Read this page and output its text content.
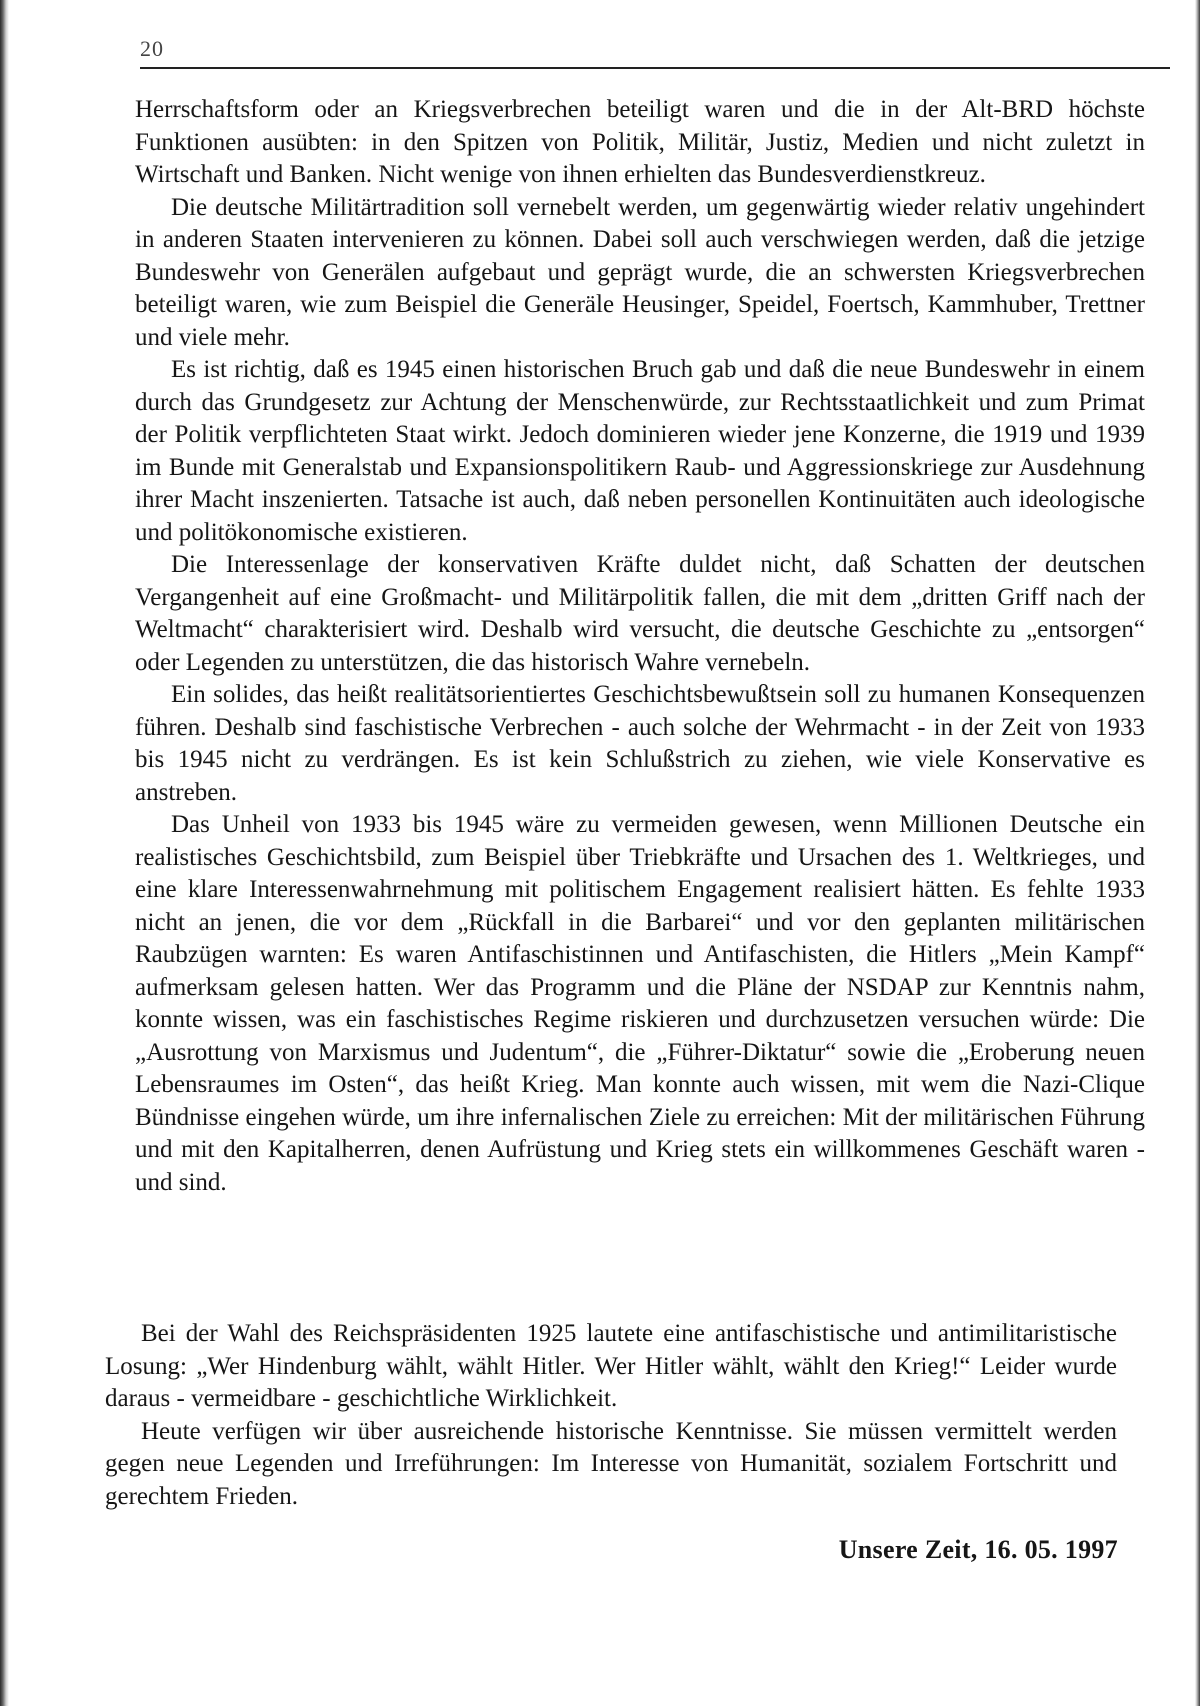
20

Herrschaftsform oder an Kriegsverbrechen beteiligt waren und die in der Alt-BRD höchste Funktionen ausübten: in den Spitzen von Politik, Militär, Justiz, Medien und nicht zuletzt in Wirtschaft und Banken. Nicht wenige von ihnen erhielten das Bundesverdienstkreuz.

Die deutsche Militärtradition soll vernebelt werden, um gegenwärtig wieder relativ ungehindert in anderen Staaten intervenieren zu können. Dabei soll auch verschwiegen werden, daß die jetzige Bundeswehr von Generälen aufgebaut und geprägt wurde, die an schwersten Kriegsverbrechen beteiligt waren, wie zum Beispiel die Generäle Heusinger, Speidel, Foertsch, Kammhuber, Trettner und viele mehr.

Es ist richtig, daß es 1945 einen historischen Bruch gab und daß die neue Bundeswehr in einem durch das Grundgesetz zur Achtung der Menschenwürde, zur Rechtsstaatlichkeit und zum Primat der Politik verpflichteten Staat wirkt. Jedoch dominieren wieder jene Konzerne, die 1919 und 1939 im Bunde mit Generalstab und Expansionspolitikern Raub- und Aggressionskriege zur Ausdehnung ihrer Macht inszenierten. Tatsache ist auch, daß neben personellen Kontinuitäten auch ideologische und politökonomische existieren.

Die Interessenlage der konservativen Kräfte duldet nicht, daß Schatten der deutschen Vergangenheit auf eine Großmacht- und Militärpolitik fallen, die mit dem „dritten Griff nach der Weltmacht“ charakterisiert wird. Deshalb wird versucht, die deutsche Geschichte zu „entsorgen“ oder Legenden zu unterstützen, die das historisch Wahre vernebeln.

Ein solides, das heißt realitätsorientiertes Geschichtsbewußtsein soll zu humanen Konsequenzen führen. Deshalb sind faschistische Verbrechen - auch solche der Wehrmacht - in der Zeit von 1933 bis 1945 nicht zu verdrängen. Es ist kein Schlußstrich zu ziehen, wie viele Konservative es anstreben.

Das Unheil von 1933 bis 1945 wäre zu vermeiden gewesen, wenn Millionen Deutsche ein realistisches Geschichtsbild, zum Beispiel über Triebkräfte und Ursachen des 1. Weltkrieges, und eine klare Interessenwahrnehmung mit politischem Engagement realisiert hätten. Es fehlte 1933 nicht an jenen, die vor dem „Rückfall in die Barbarei“ und vor den geplanten militärischen Raubzügen warnten: Es waren Antifaschistinnen und Antifaschisten, die Hitlers „Mein Kampf“ aufmerksam gelesen hatten. Wer das Programm und die Pläne der NSDAP zur Kenntnis nahm, konnte wissen, was ein faschistisches Regime riskieren und durchzusetzen versuchen würde: Die „Ausrottung von Marxismus und Judentum“, die „Führer-Diktatur“ sowie die „Eroberung neuen Lebensraumes im Osten“, das heißt Krieg. Man konnte auch wissen, mit wem die Nazi-Clique Bündnisse eingehen würde, um ihre infernalischen Ziele zu erreichen: Mit der militärischen Führung und mit den Kapitalherren, denen Aufrüstung und Krieg stets ein willkommenes Geschäft waren - und sind.

Bei der Wahl des Reichspräsidenten 1925 lautete eine antifaschistische und antimilitaristische Losung: „Wer Hindenburg wählt, wählt Hitler. Wer Hitler wählt, wählt den Krieg!“ Leider wurde daraus - vermeidbare - geschichtliche Wirklichkeit.

Heute verfügen wir über ausreichende historische Kenntnisse. Sie müssen vermittelt werden gegen neue Legenden und Irreführungen: Im Interesse von Humanität, sozialem Fortschritt und gerechtem Frieden.

Unsere Zeit, 16. 05. 1997
